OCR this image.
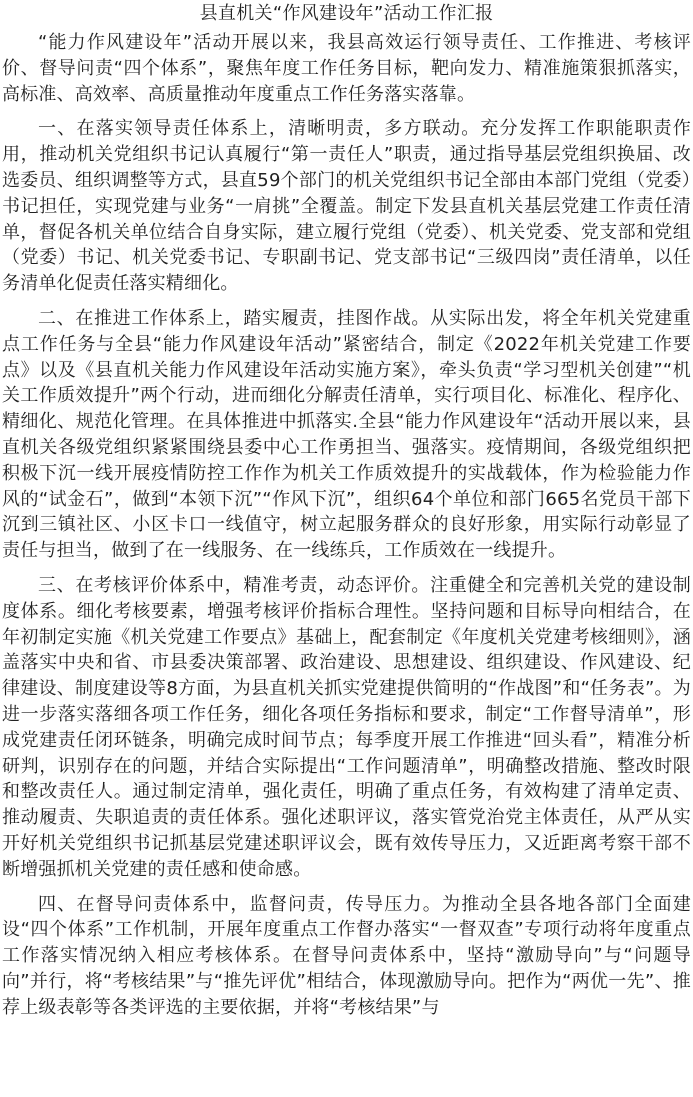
县直机关“作风建设年”活动工作汇报

“能力作风建设年”活动开展以来，我县高效运行领导责任、工作推进、考核评价、督导问责“四个体系”，聚焦年度工作任务目标，靶向发力、精准施策狠抓落实，高标准、高效率、高质量推动年度重点工作任务落实落靠。

一、在落实领导责任体系上，清晰明责，多方联动。充分发挥工作职能职责作用，推动机关党组织书记认真履行“第一责任人”职责，通过指导基层党组织换届、改选委员、组织调整等方式，县直59个部门的机关党组织书记全部由本部门党组（党委）书记担任，实现党建与业务“一肩挑”全覆盖。制定下发县直机关基层党建工作责任清单，督促各机关单位结合自身实际，建立履行党组（党委）、机关党委、党支部和党组（党委）书记、机关党委书记、专职副书记、党支部书记“三级四岗”责任清单，以任务清单化促责任落实精细化。

二、在推进工作体系上，踏实履责，挂图作战。从实际出发，将全年机关党建重点工作任务与全县“能力作风建设年活动”紧密结合，制定《2022年机关党建工作要点》以及《县直机关能力作风建设年活动实施方案》，牵头负责“学习型机关创建”“机关工作质效提升”两个行动，进而细化分解责任清单，实行项目化、标准化、程序化、精细化、规范化管理。在具体推进中抓落实.全县“能力作风建设年“活动开展以来，县直机关各级党组织紧紧围绕县委中心工作勇担当、强落实。疫情期间，各级党组织把积极下沉一线开展疫情防控工作作为机关工作质效提升的实战载体，作为检验能力作风的“试金石”，做到“本领下沉”“作风下沉”，组织64个单位和部门665名党员干部下沉到三镇社区、小区卡口一线值守，树立起服务群众的良好形象，用实际行动彰显了责任与担当，做到了在一线服务、在一线练兵，工作质效在一线提升。

三、在考核评价体系中，精准考责，动态评价。注重健全和完善机关党的建设制度体系。细化考核要素，增强考核评价指标合理性。坚持问题和目标导向相结合，在年初制定实施《机关党建工作要点》基础上，配套制定《年度机关党建考核细则》，涵盖落实中央和省、市县委决策部署、政治建设、思想建设、组织建设、作风建设、纪律建设、制度建设等8方面，为县直机关抓实党建提供简明的“作战图”和“任务表”。为进一步落实落细各项工作任务，细化各项任务指标和要求，制定“工作督导清单”，形成党建责任闭环链条，明确完成时间节点；每季度开展工作推进“回头看”，精准分析研判，识别存在的问题，并结合实际提出“工作问题清单”，明确整改措施、整改时限和整改责任人。通过制定清单，强化责任，明确了重点任务，有效构建了清单定责、推动履责、失职追责的责任体系。强化述职评议，落实管党治党主体责任，从严从实开好机关党组织书记抓基层党建述职评议会，既有效传导压力，又近距离考察干部不断增强抓机关党建的责任感和使命感。

四、在督导问责体系中，监督问责，传导压力。为推动全县各地各部门全面建设“四个体系”工作机制，开展年度重点工作督办落实“一督双查”专项行动将年度重点工作落实情况纳入相应考核体系。在督导问责体系中，坚持“激励导向”与“问题导向”并行，将“考核结果”与“推先评优”相结合，体现激励导向。把作为“两优一先”、推荐上级表彰等各类评选的主要依据，并将“考核结果”与
